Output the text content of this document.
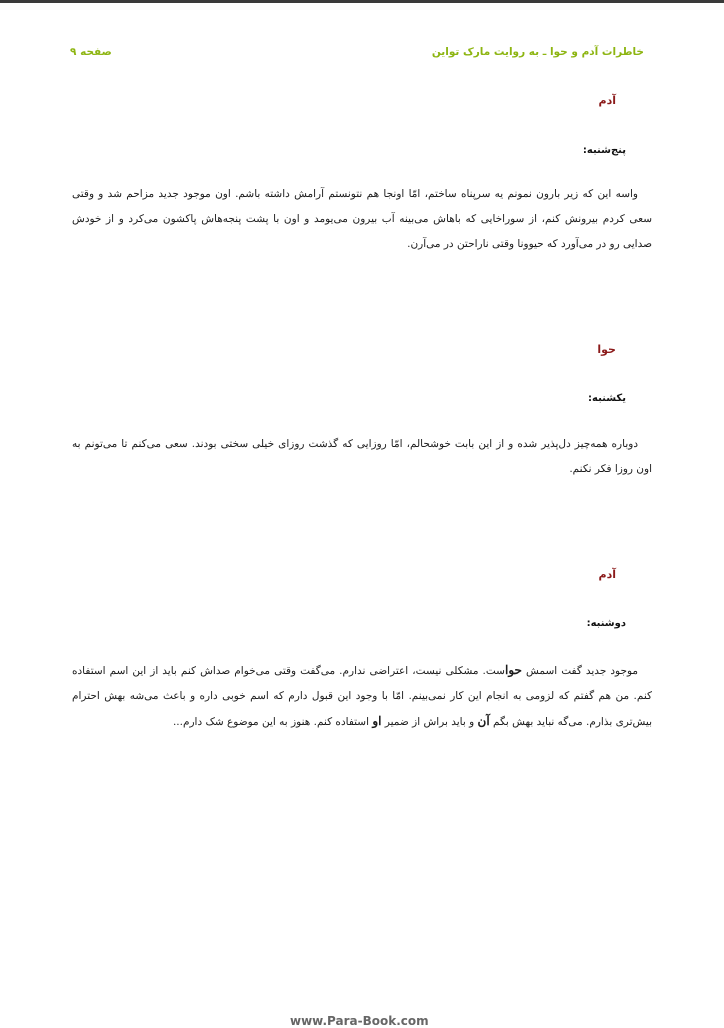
خاطرات آدم و حوا ـ به روایت مارک تواین
صفحه ۹
آدم
پنج‌شنبه:

واسه این که زیر بارون نمونم یه سرپناه ساختم، امّا اونجا هم نتونستم آرامش داشته باشم. اون موجود جدید مزاحم شد و وقتی سعی کردم بیرونش کنم، از سوراخایی که باهاش می‌بینه آب بیرون می‌یومد و اون با پشت پنجه‌هاش پاکشون می‌کرد و از خودش صدایی رو در می‌آورد که حیوونا وقتی ناراحتن در می‌آرن.

حوا
یکشنبه:

دوباره همه‌چیز دل‌پذیر شده و از این بابت خوشحالم، امّا روزایی که گذشت روزای خیلی سختی بودند. سعی می‌کنم تا می‌تونم به اون روزا فکر نکنم.

آدم
دوشنبه:

موجود جدید گفت اسمش حواست. مشکلی نیست، اعتراضی ندارم. می‌گفت وقتی می‌خوام صداش کنم باید از این اسم استفاده کنم. من هم گفتم که لزومی به انجام این کار نمی‌بینم. امّا با وجود این قبول دارم که اسم خوبی داره و باعث می‌شه بهش احترام بیش‌تری بذارم. می‌گه نباید بهش بگم آن و باید براش از ضمیر او استفاده کنم. هنوز به این موضوع شک دارم...

www.Para-Book.com
